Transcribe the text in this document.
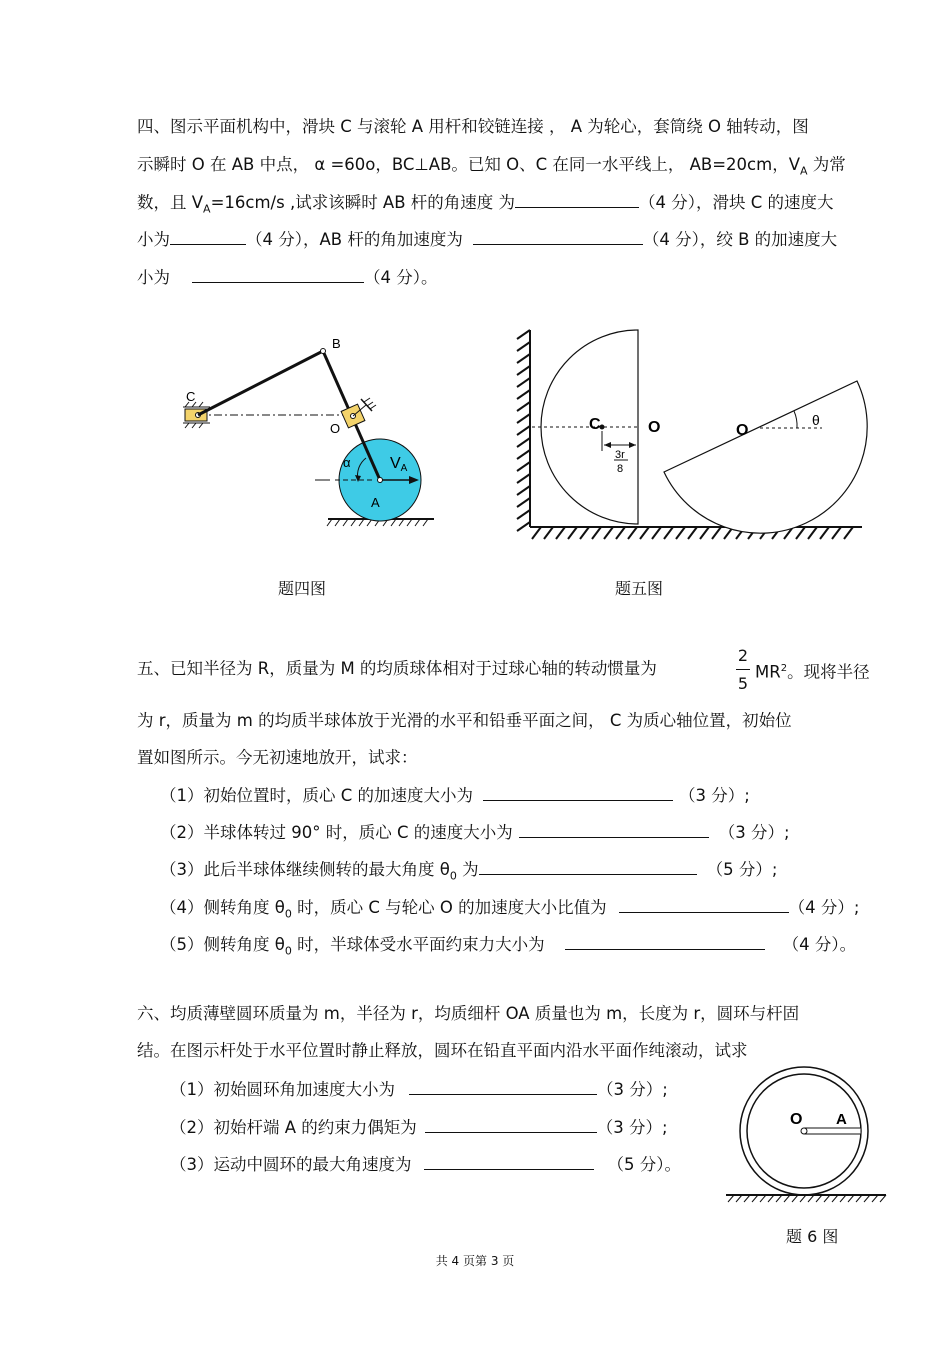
四、图示平面机构中，滑块 C 与滚轮 A 用杆和铰链连接 ， A 为轮心，套筒绕 O 轴转动，图
示瞬时 O 在 AB 中点， α =60o，BC⊥AB。已知 O、C 在同一水平线上， AB=20cm，$V_A$ 为常
数，且 $V_A=16cm/s$ ,试求该瞬时 AB 杆的角速度 为	（4 分），滑块 C 的速度大
小为	（4 分），AB 杆的角加速度为	（4 分），绞 B 的加速度大
小为	（4 分）。
B
C
O
α VA
A
题四图
3r
8
C	O	O
θ
题五图
五、已知半径为 R，质量为 M 的均质球体相对于过球心轴的转动惯量为
2
5
$MR^2$。现将半径
为 r，质量为 m 的均质半球体放于光滑的水平和铅垂平面之间， C 为质心轴位置，初始位
置如图所示。今无初速地放开，试求：
（1）初始位置时，质心 C 的加速度大小为	（3 分）;
（2）半球体转过 90° 时，质心 C 的速度大小为	（3 分）;
（3）此后半球体继续侧转的最大角度 $\theta_0$ 为	（5 分）;
（4）侧转角度 $\theta_0$ 时，质心 C 与轮心 O 的加速度大小比值为	（4 分）;
（5）侧转角度 $\theta_0$ 时，半球体受水平面约束力大小为	（4 分）。
六、均质薄壁圆环质量为 m，半径为 r，均质细杆 OA 质量也为 m，长度为 r，圆环与杆固
结。在图示杆处于水平位置时静止释放，圆环在铅直平面内沿水平面作纯滚动，试求
（1）初始圆环角加速度大小为	（3 分）;
（2）初始杆端 A 的约束力偶矩为	（3 分）;
（3）运动中圆环的最大角速度为	（5 分）。
O A
题 6 图
共 4 页第 3 页
